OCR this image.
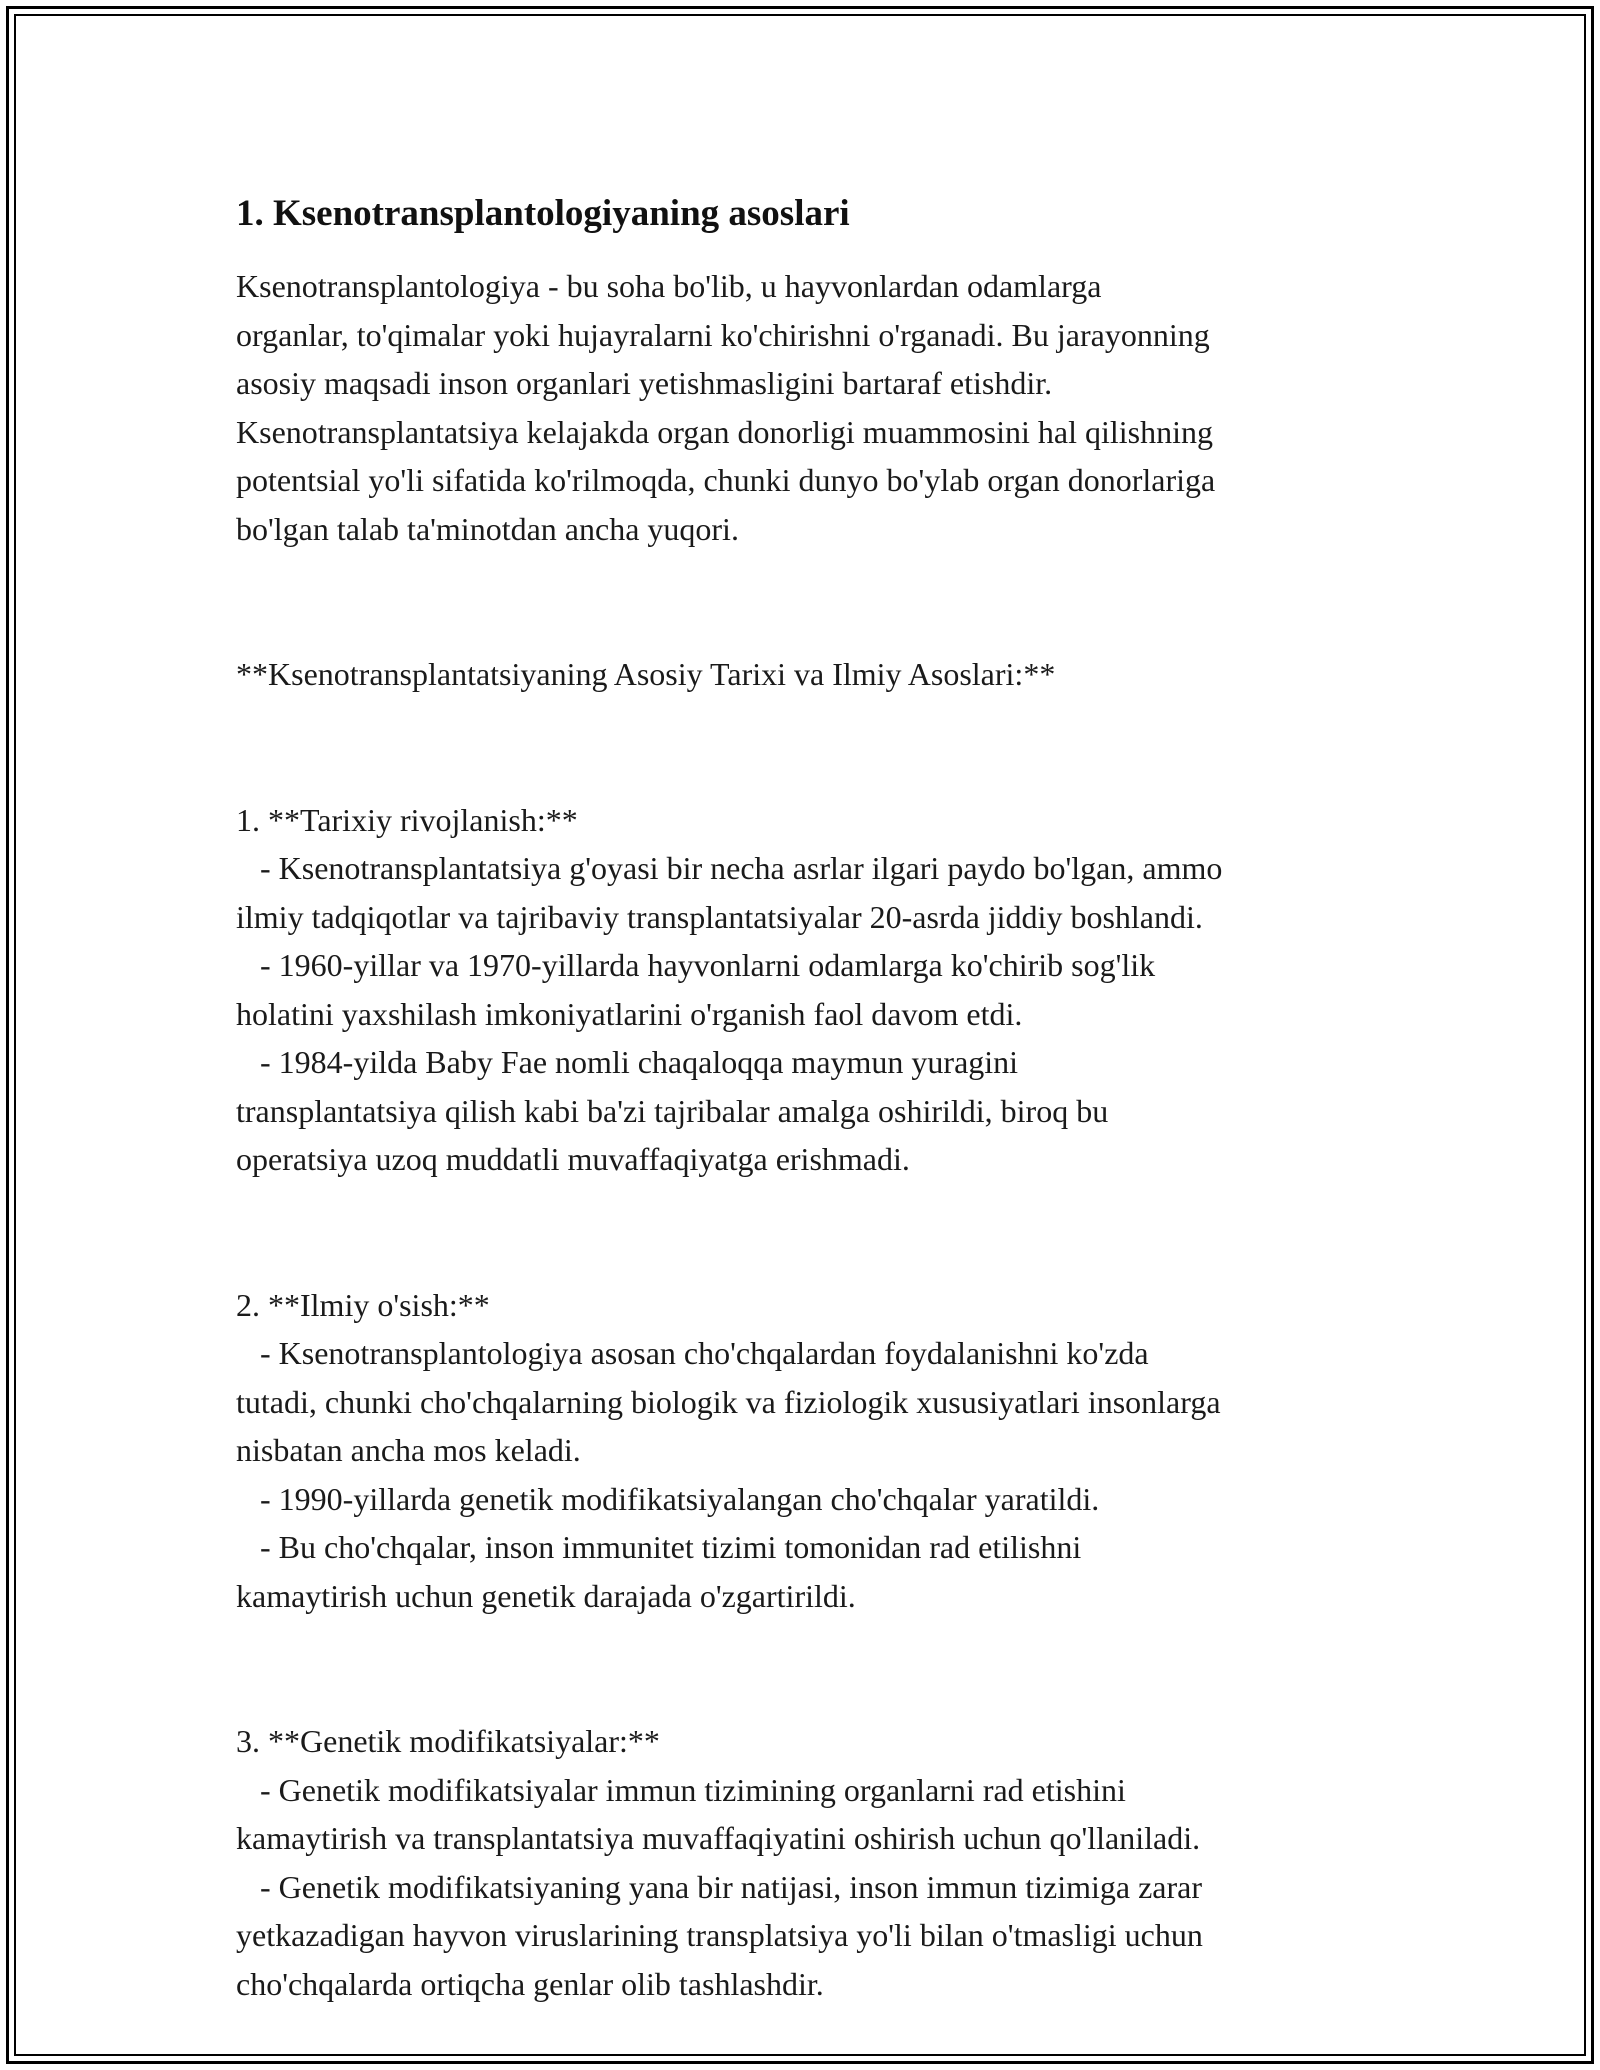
1. Ksenotransplantologiyaning asoslari
Ksenotransplantologiya - bu soha bo'lib, u hayvonlardan odamlarga
organlar, to'qimalar yoki hujayralarni ko'chirishni o'rganadi. Bu jarayonning
asosiy maqsadi inson organlari yetishmasligini bartaraf etishdir.
Ksenotransplantatsiya kelajakda organ donorligi muammosini hal qilishning
potentsial yo'li sifatida ko'rilmoqda, chunki dunyo bo'ylab organ donorlariga
bo'lgan talab ta'minotdan ancha yuqori.

**Ksenotransplantatsiyaning Asosiy Tarixi va Ilmiy Asoslari:**

1. **Tarixiy rivojlanish:**
- Ksenotransplantatsiya g'oyasi bir necha asrlar ilgari paydo bo'lgan, ammo
ilmiy tadqiqotlar va tajribaviy transplantatsiyalar 20-asrda jiddiy boshlandi.
- 1960-yillar va 1970-yillarda hayvonlarni odamlarga ko'chirib sog'lik
holatini yaxshilash imkoniyatlarini o'rganish faol davom etdi.
- 1984-yilda Baby Fae nomli chaqaloqqa maymun yuragini
transplantatsiya qilish kabi ba'zi tajribalar amalga oshirildi, biroq bu
operatsiya uzoq muddatli muvaffaqiyatga erishmadi.

2. **Ilmiy o'sish:**
- Ksenotransplantologiya asosan cho'chqalardan foydalanishni ko'zda
tutadi, chunki cho'chqalarning biologik va fiziologik xususiyatlari insonlarga
nisbatan ancha mos keladi.
- 1990-yillarda genetik modifikatsiyalangan cho'chqalar yaratildi.
- Bu cho'chqalar, inson immunitet tizimi tomonidan rad etilishni
kamaytirish uchun genetik darajada o'zgartirildi.

3. **Genetik modifikatsiyalar:**
- Genetik modifikatsiyalar immun tizimining organlarni rad etishini
kamaytirish va transplantatsiya muvaffaqiyatini oshirish uchun qo'llaniladi.
- Genetik modifikatsiyaning yana bir natijasi, inson immun tizimiga zarar
yetkazadigan hayvon viruslarining transplatsiya yo'li bilan o'tmasligi uchun
cho'chqalarda ortiqcha genlar olib tashlashdir.
